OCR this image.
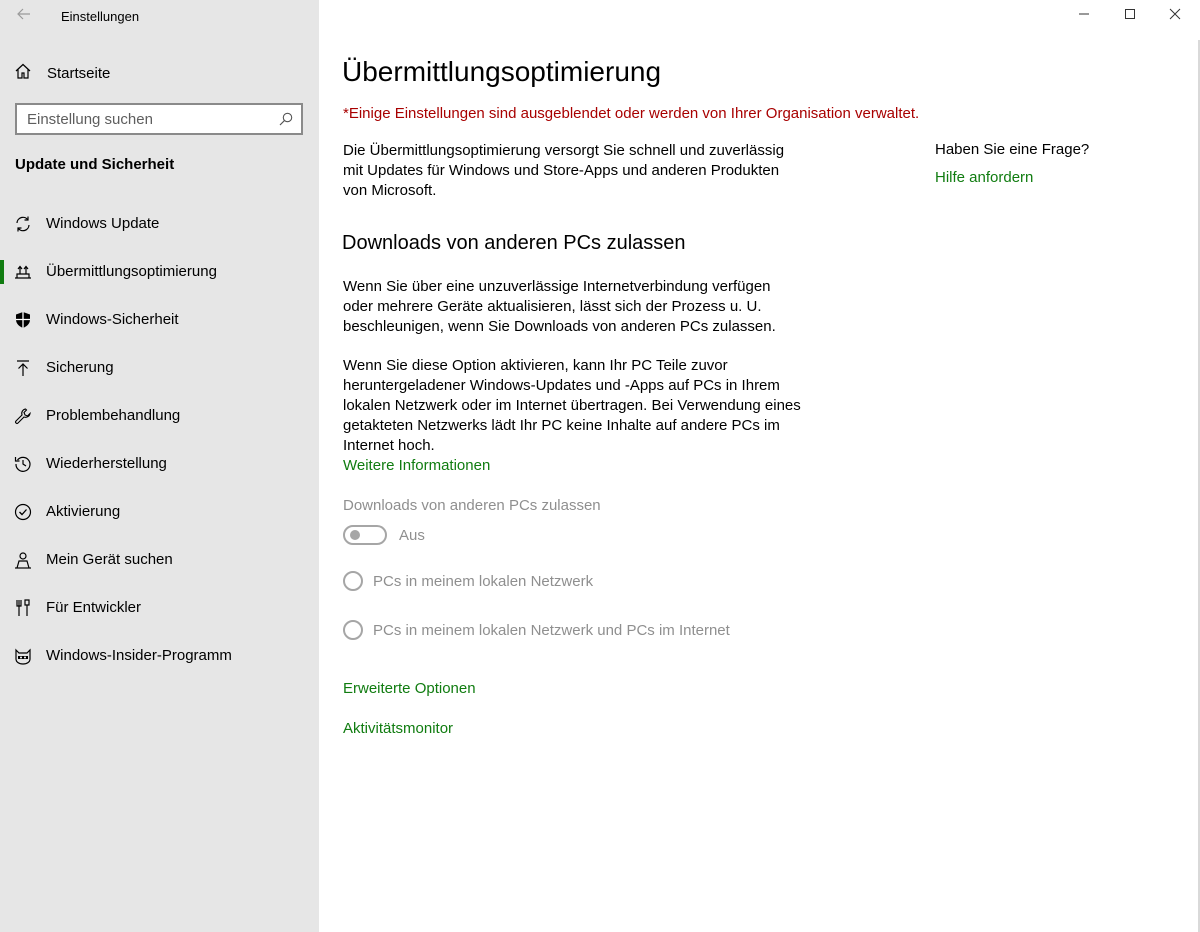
Einstellungen
Startseite
Einstellung suchen
Update und Sicherheit
Windows Update
Übermittlungsoptimierung
Windows-Sicherheit
Sicherung
Problembehandlung
Wiederherstellung
Aktivierung
Mein Gerät suchen
Für Entwickler
Windows-Insider-Programm
Übermittlungsoptimierung
*Einige Einstellungen sind ausgeblendet oder werden von Ihrer Organisation verwaltet.
Die Übermittlungsoptimierung versorgt Sie schnell und zuverlässig mit Updates für Windows und Store-Apps und anderen Produkten von Microsoft.
Haben Sie eine Frage?
Hilfe anfordern
Downloads von anderen PCs zulassen
Wenn Sie über eine unzuverlässige Internetverbindung verfügen oder mehrere Geräte aktualisieren, lässt sich der Prozess u. U. beschleunigen, wenn Sie Downloads von anderen PCs zulassen.
Wenn Sie diese Option aktivieren, kann Ihr PC Teile zuvor heruntergeladener Windows-Updates und -Apps auf PCs in Ihrem lokalen Netzwerk oder im Internet übertragen. Bei Verwendung eines getakteten Netzwerks lädt Ihr PC keine Inhalte auf andere PCs im Internet hoch.
Weitere Informationen
Downloads von anderen PCs zulassen
Aus
PCs in meinem lokalen Netzwerk
PCs in meinem lokalen Netzwerk und PCs im Internet
Erweiterte Optionen
Aktivitätsmonitor
